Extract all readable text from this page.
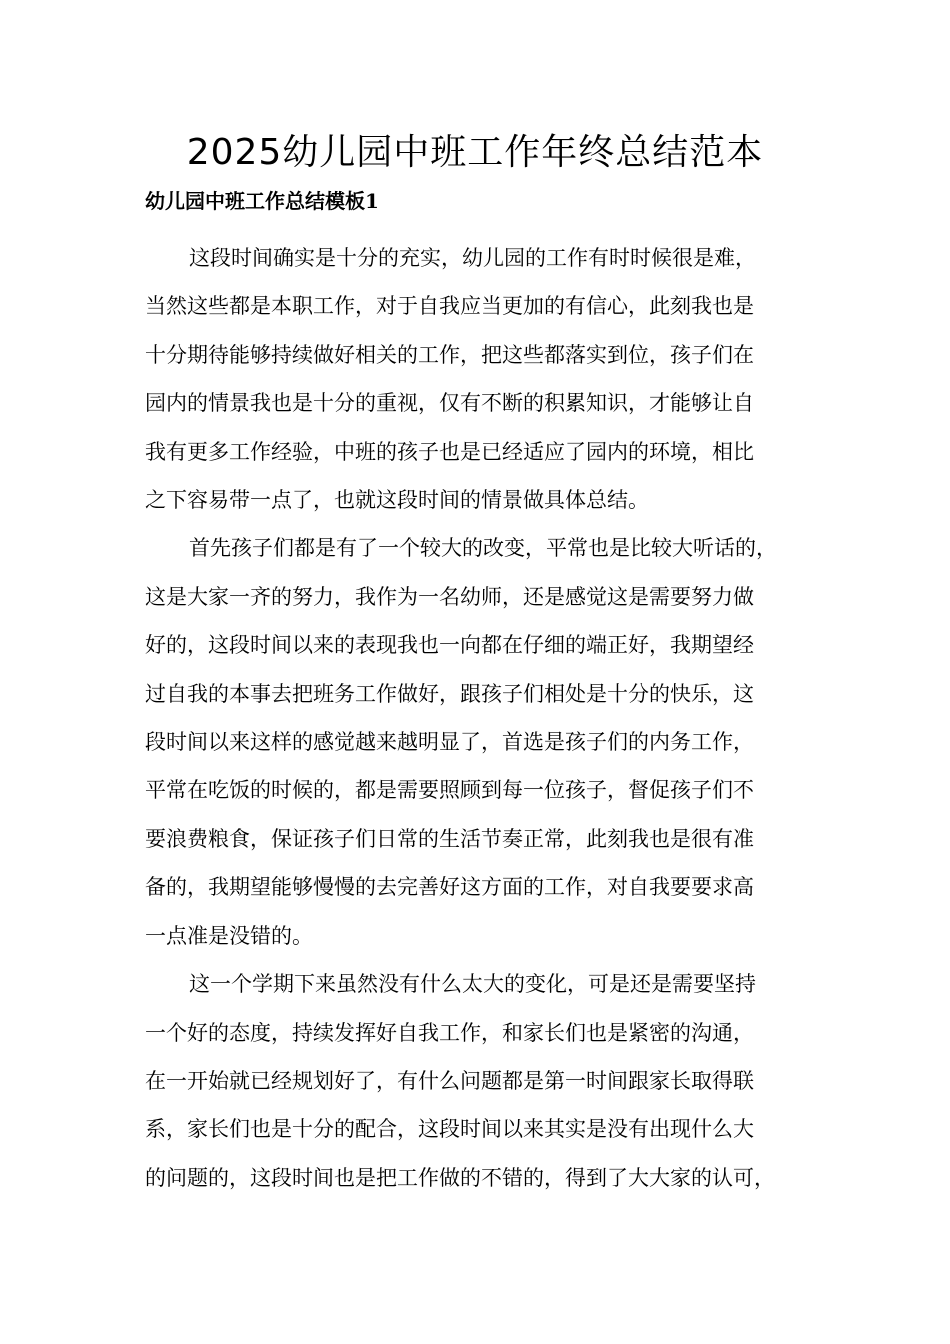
2025幼儿园中班工作年终总结范本
幼儿园中班工作总结模板1

这段时间确实是十分的充实，幼儿园的工作有时时候很是难，
当然这些都是本职工作，对于自我应当更加的有信心，此刻我也是
十分期待能够持续做好相关的工作，把这些都落实到位，孩子们在
园内的情景我也是十分的重视，仅有不断的积累知识，才能够让自
我有更多工作经验，中班的孩子也是已经适应了园内的环境，相比
之下容易带一点了，也就这段时间的情景做具体总结。

首先孩子们都是有了一个较大的改变，平常也是比较大听话的，
这是大家一齐的努力，我作为一名幼师，还是感觉这是需要努力做
好的，这段时间以来的表现我也一向都在仔细的端正好，我期望经
过自我的本事去把班务工作做好，跟孩子们相处是十分的快乐，这
段时间以来这样的感觉越来越明显了，首选是孩子们的内务工作，
平常在吃饭的时候的，都是需要照顾到每一位孩子，督促孩子们不
要浪费粮食，保证孩子们日常的生活节奏正常，此刻我也是很有准
备的，我期望能够慢慢的去完善好这方面的工作，对自我要要求高
一点准是没错的。

这一个学期下来虽然没有什么太大的变化，可是还是需要坚持
一个好的态度，持续发挥好自我工作，和家长们也是紧密的沟通，
在一开始就已经规划好了，有什么问题都是第一时间跟家长取得联
系，家长们也是十分的配合，这段时间以来其实是没有出现什么大
的问题的，这段时间也是把工作做的不错的，得到了大大家的认可，
